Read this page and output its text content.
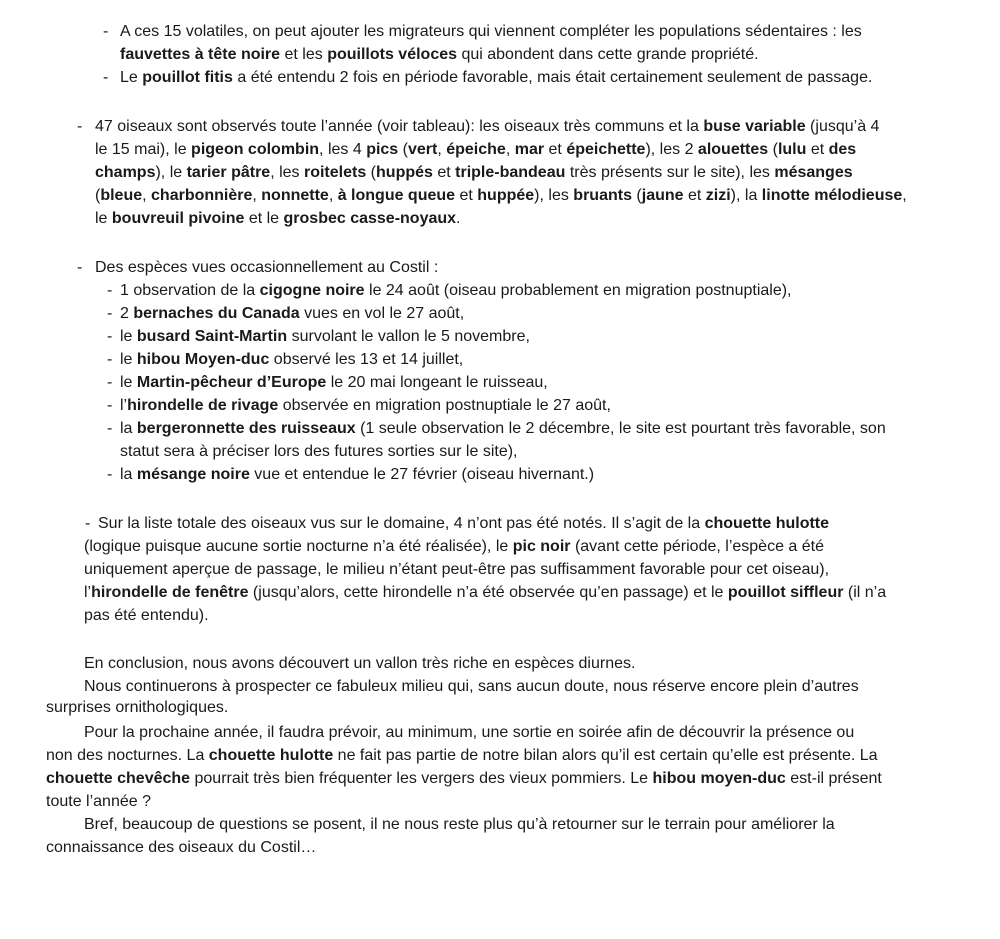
- A ces 15 volatiles, on peut ajouter les migrateurs qui viennent compléter les populations sédentaires : les
fauvettes à tête noire et les pouillots véloces qui abondent dans cette grande propriété.
- Le pouillot fitis a été entendu 2 fois en période favorable, mais était certainement seulement de passage.
- 47 oiseaux sont observés toute l’année (voir tableau): les oiseaux très communs et la buse variable (jusqu’à 4
le 15 mai), le pigeon colombin, les 4 pics (vert, épeiche, mar et épeichette), les 2 alouettes (lulu et des
champs), le tarier pâtre, les roitelets (huppés et triple-bandeau très présents sur le site), les mésanges
(bleue, charbonnière, nonnette, à longue queue et huppée), les bruants (jaune et zizi), la linotte mélodieuse,
le bouvreuil pivoine et le grosbec casse-noyaux.
- Des espèces vues occasionnellement au Costil :
- 1 observation de la cigogne noire le 24 août (oiseau probablement en migration postnuptiale),
- 2 bernaches du Canada vues en vol le 27 août,
- le busard Saint-Martin survolant le vallon le 5 novembre,
- le hibou Moyen-duc observé les 13 et 14 juillet,
- le Martin-pêcheur d’Europe le 20 mai longeant le ruisseau,
- l’hirondelle de rivage observée en migration postnuptiale le 27 août,
- la bergeronnette des ruisseaux (1 seule observation le 2 décembre, le site est pourtant très favorable, son
statut sera à préciser lors des futures sorties sur le site),
- la mésange noire vue et entendue le 27 février (oiseau hivernant.)
- Sur la liste totale des oiseaux vus sur le domaine, 4 n’ont pas été notés. Il s’agit de la chouette hulotte
(logique puisque aucune sortie nocturne n’a été réalisée), le pic noir (avant cette période, l’espèce a été
uniquement aperçue de passage, le milieu n’étant peut-être pas suffisamment favorable pour cet oiseau),
l’hirondelle de fenêtre (jusqu’alors, cette hirondelle n’a été observée qu’en passage) et le pouillot siffleur (il n’a
pas été entendu).
En conclusion, nous avons découvert un vallon très riche en espèces diurnes.
Nous continuerons à prospecter ce fabuleux milieu qui, sans aucun doute, nous réserve encore plein d’autres
surprises ornithologiques.
Pour la prochaine année, il faudra prévoir, au minimum, une sortie en soirée afin de découvrir la présence ou
non des nocturnes. La chouette hulotte ne fait pas partie de notre bilan alors qu’il est certain qu’elle est présente. La
chouette chevêche pourrait très bien fréquenter les vergers des vieux pommiers. Le hibou moyen-duc est-il présent
toute l’année ?
Bref, beaucoup de questions se posent, il ne nous reste plus qu’à retourner sur le terrain pour améliorer la
connaissance des oiseaux du Costil…
